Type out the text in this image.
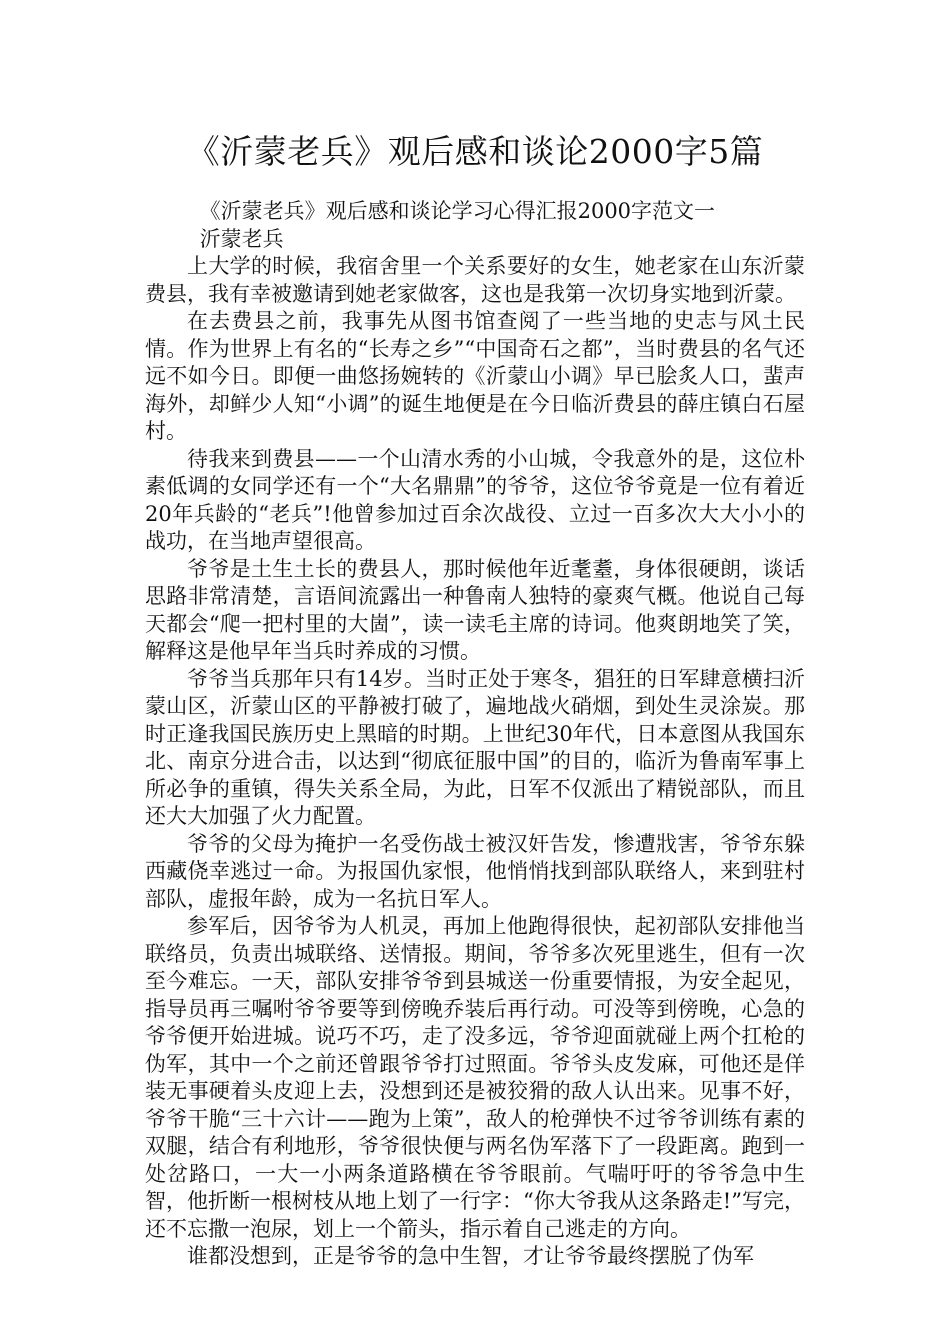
《沂蒙老兵》观后感和谈论2000字5篇

《沂蒙老兵》观后感和谈论学习心得汇报2000字范文一

沂蒙老兵

上大学的时候，我宿舍里一个关系要好的女生，她老家在山东沂蒙费县，我有幸被邀请到她老家做客，这也是我第一次切身实地到沂蒙。

在去费县之前，我事先从图书馆查阅了一些当地的史志与风土民情。作为世界上有名的“长寿之乡”“中国奇石之都”，当时费县的名气还远不如今日。即便一曲悠扬婉转的《沂蒙山小调》早已脍炙人口，蜚声海外，却鲜少人知“小调”的诞生地便是在今日临沂费县的薛庄镇白石屋村。

待我来到费县——一个山清水秀的小山城，令我意外的是，这位朴素低调的女同学还有一个“大名鼎鼎”的爷爷，这位爷爷竟是一位有着近20年兵龄的“老兵”!他曾参加过百余次战役、立过一百多次大大小小的战功，在当地声望很高。

爷爷是土生土长的费县人，那时候他年近耄耋，身体很硬朗，谈话思路非常清楚，言语间流露出一种鲁南人独特的豪爽气概。他说自己每天都会“爬一把村里的大崮”，读一读毛主席的诗词。他爽朗地笑了笑，解释这是他早年当兵时养成的习惯。

爷爷当兵那年只有14岁。当时正处于寒冬，猖狂的日军肆意横扫沂蒙山区，沂蒙山区的平静被打破了，遍地战火硝烟，到处生灵涂炭。那时正逢我国民族历史上黑暗的时期。上世纪30年代，日本意图从我国东北、南京分进合击，以达到“彻底征服中国”的目的，临沂为鲁南军事上所必争的重镇，得失关系全局，为此，日军不仅派出了精锐部队，而且还大大加强了火力配置。

爷爷的父母为掩护一名受伤战士被汉奸告发，惨遭戕害，爷爷东躲西藏侥幸逃过一命。为报国仇家恨，他悄悄找到部队联络人，来到驻村部队，虚报年龄，成为一名抗日军人。

参军后，因爷爷为人机灵，再加上他跑得很快，起初部队安排他当联络员，负责出城联络、送情报。期间，爷爷多次死里逃生，但有一次至今难忘。一天，部队安排爷爷到县城送一份重要情报，为安全起见，指导员再三嘱咐爷爷要等到傍晚乔装后再行动。可没等到傍晚，心急的爷爷便开始进城。说巧不巧，走了没多远，爷爷迎面就碰上两个扛枪的伪军，其中一个之前还曾跟爷爷打过照面。爷爷头皮发麻，可他还是佯装无事硬着头皮迎上去，没想到还是被狡猾的敌人认出来。见事不好，爷爷干脆“三十六计——跑为上策”，敌人的枪弹快不过爷爷训练有素的双腿，结合有利地形，爷爷很快便与两名伪军落下了一段距离。跑到一处岔路口，一大一小两条道路横在爷爷眼前。气喘吁吁的爷爷急中生智，他折断一根树枝从地上划了一行字：“你大爷我从这条路走!”写完，还不忘撒一泡尿，划上一个箭头，指示着自己逃走的方向。

谁都没想到，正是爷爷的急中生智，才让爷爷最终摆脱了伪军
